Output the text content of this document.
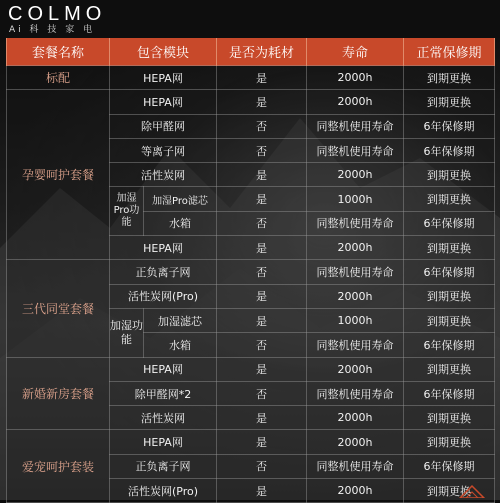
COLMO
Ai 科 技 家 电
套餐名称	包含模块		是否为耗材	寿命	正常保修期
标配	HEPA网		是	2000h	到期更换
孕婴呵护套餐	HEPA网		是	2000h	到期更换
	除甲醛网		否	同整机使用寿命	6年保修期
	等离子网		否	同整机使用寿命	6年保修期
	活性炭网		是	2000h	到期更换
	加湿Pro功能	加湿Pro滤芯	是	1000h	到期更换
		水箱	否	同整机使用寿命	6年保修期
	HEPA网		是	2000h	到期更换
三代同堂套餐	正负离子网		否	同整机使用寿命	6年保修期
	活性炭网(Pro)		是	2000h	到期更换
	加湿功能	加湿滤芯	是	1000h	到期更换
		水箱	否	同整机使用寿命	6年保修期
新婚新房套餐	HEPA网		是	2000h	到期更换
	除甲醛网*2		否	同整机使用寿命	6年保修期
	活性炭网		是	2000h	到期更换
爱宠呵护套装	HEPA网		是	2000h	到期更换
	正负离子网		否	同整机使用寿命	6年保修期
	活性炭网(Pro)		是	2000h	到期更换
